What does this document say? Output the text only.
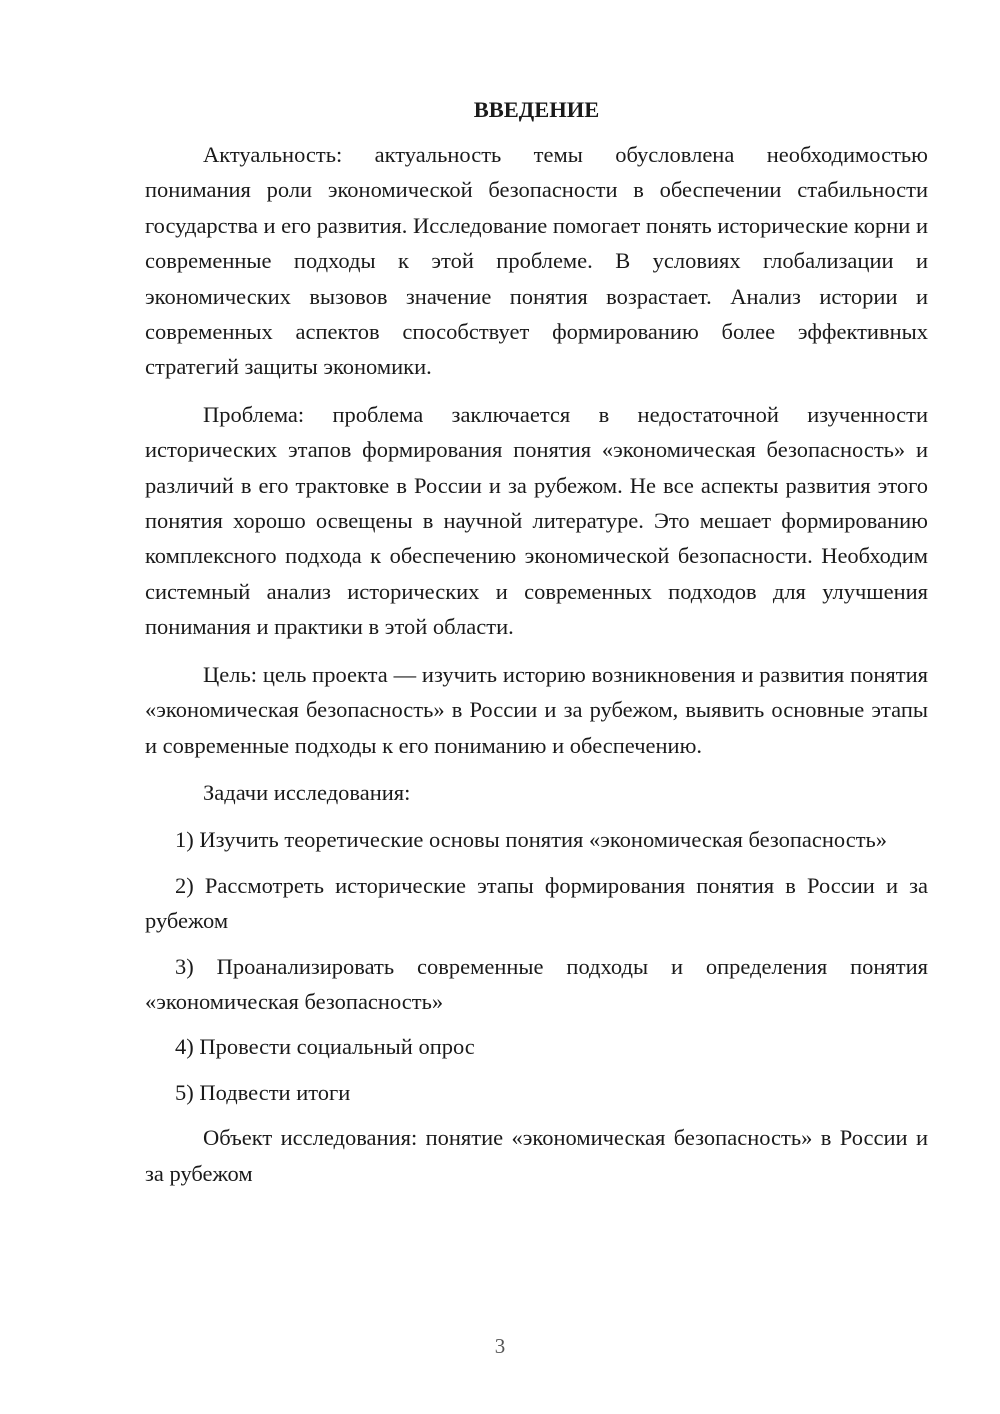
ВВЕДЕНИЕ

Актуальность: актуальность темы обусловлена необходимостью понимания роли экономической безопасности в обеспечении стабильности государства и его развития. Исследование помогает понять исторические корни и современные подходы к этой проблеме. В условиях глобализации и экономических вызовов значение понятия возрастает. Анализ истории и современных аспектов способствует формированию более эффективных стратегий защиты экономики.

Проблема: проблема заключается в недостаточной изученности исторических этапов формирования понятия «экономическая безопасность» и различий в его трактовке в России и за рубежом. Не все аспекты развития этого понятия хорошо освещены в научной литературе. Это мешает формированию комплексного подхода к обеспечению экономической безопасности. Необходим системный анализ исторических и современных подходов для улучшения понимания и практики в этой области.

Цель: цель проекта — изучить историю возникновения и развития понятия «экономическая безопасность» в России и за рубежом, выявить основные этапы и современные подходы к его пониманию и обеспечению.

Задачи исследования:

1) Изучить теоретические основы понятия «экономическая безопасность»

2) Рассмотреть исторические этапы формирования понятия в России и за рубежом

3) Проанализировать современные подходы и определения понятия «экономическая безопасность»

4) Провести социальный опрос

5) Подвести итоги

Объект исследования: понятие «экономическая безопасность» в России и за рубежом

3
